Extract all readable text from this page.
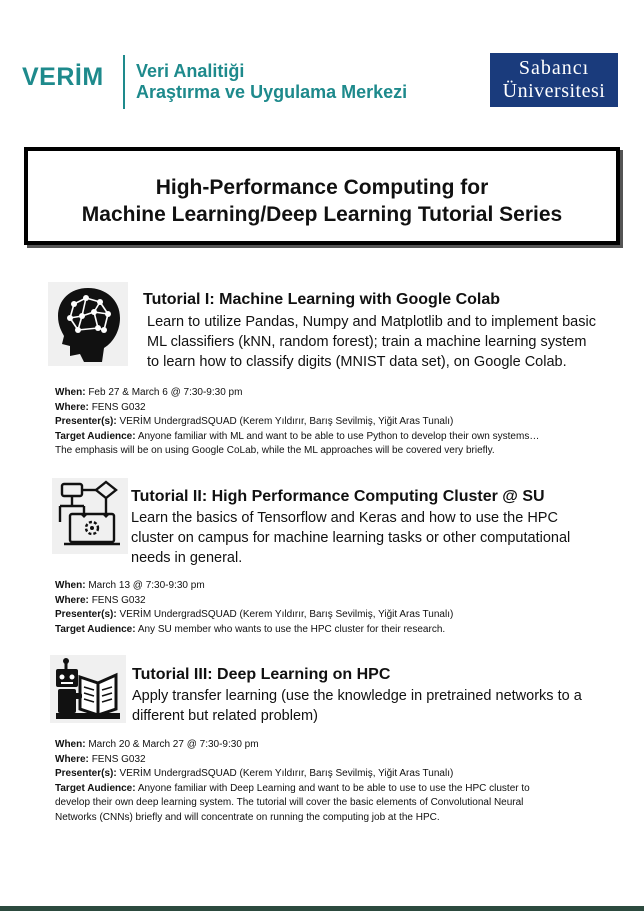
VERİM Veri Analitiği
Araştırma ve Uygulama Merkezi
Sabancı
Üniversitesi
High-Performance Computing for
Machine Learning/Deep Learning Tutorial Series
Tutorial I: Machine Learning with Google Colab
Learn to utilize Pandas, Numpy and Matplotlib and to implement basic
ML classifiers (kNN, random forest); train a machine learning system
to learn how to classify digits (MNIST data set), on Google Colab.
When: Feb 27 & March 6 @ 7:30-9:30 pm
Where: FENS G032
Presenter(s): VERİM UndergradSQUAD (Kerem Yıldırır, Barış Sevilmiş, Yiğit Aras Tunalı)
Target Audience: Anyone familiar with ML and want to be able to use Python to develop their own systems…
The emphasis will be on using Google CoLab, while the ML approaches will be covered very briefly.
Tutorial II: High Performance Computing Cluster @ SU
Learn the basics of Tensorflow and Keras and how to use the HPC
cluster on campus for machine learning tasks or other computational
needs in general.
When: March 13 @ 7:30-9:30 pm
Where: FENS G032
Presenter(s): VERİM UndergradSQUAD (Kerem Yıldırır, Barış Sevilmiş, Yiğit Aras Tunalı)
Target Audience: Any SU member who wants to use the HPC cluster for their research.
Tutorial III: Deep Learning on HPC
Apply transfer learning (use the knowledge in pretrained networks to a
different but related problem)
When: March 20 & March 27 @ 7:30-9:30 pm
Where: FENS G032
Presenter(s): VERİM UndergradSQUAD (Kerem Yıldırır, Barış Sevilmiş, Yiğit Aras Tunalı)
Target Audience: Anyone familiar with Deep Learning and want to be able to use to use the HPC cluster to
develop their own deep learning system. The tutorial will cover the basic elements of Convolutional Neural
Networks (CNNs) briefly and will concentrate on running the computing job at the HPC.
